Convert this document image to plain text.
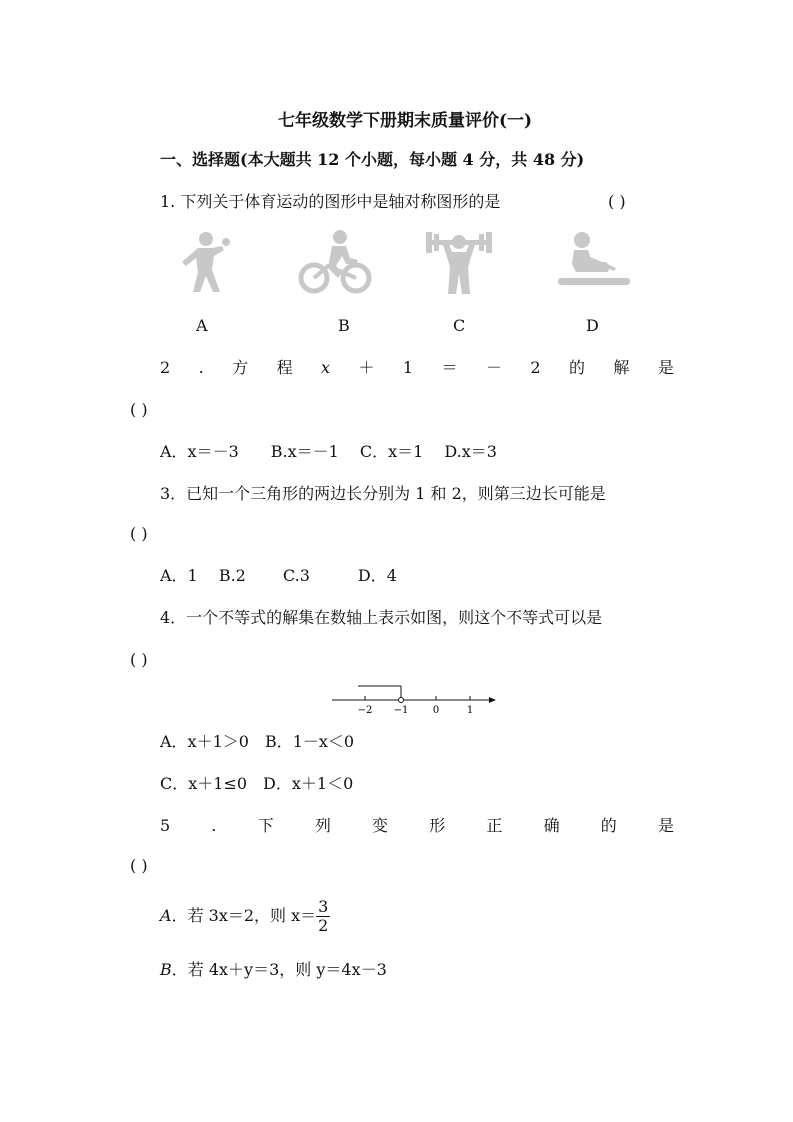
七年级数学下册期末质量评价(一)
一、选择题(本大题共 12 个小题，每小题 4 分，共 48 分)
1. 下列关于体育运动的图形中是轴对称图形的是	( )
A	B	C	D
2 . 方 程 x ＋ 1 ＝ － 2 的 解 是
( )
A．x＝－3　　B.x＝－1　 C．x＝1　 D.x＝3
3．已知一个三角形的两边长分别为 1 和 2，则第三边长可能是
( )
A．1　 B.2　　 C.3　　　D．4
4．一个不等式的解集在数轴上表示如图，则这个不等式可以是
( )
−2 −1 0	1
A．x＋1＞0　B．1－x＜0
C．x＋1≤0　D．x＋1＜0
5	.	下	列	变	形	正	确	的	是
( )
A．若 3x＝2，则 $x= \frac{3}{2}$
B．若 4x＋y＝3，则 y＝4x－3
